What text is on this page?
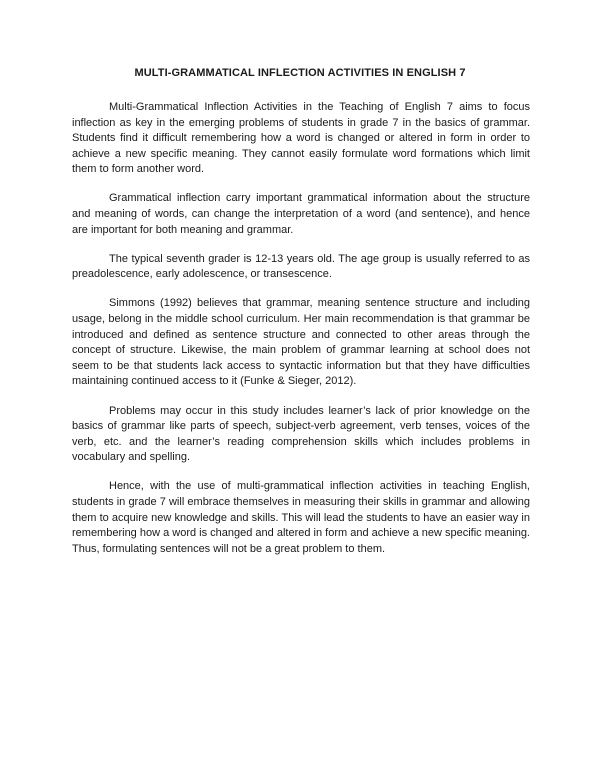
MULTI-GRAMMATICAL INFLECTION ACTIVITIES IN ENGLISH 7

Multi-Grammatical Inflection Activities in the Teaching of English 7 aims to focus inflection as key in the emerging problems of students in grade 7 in the basics of grammar. Students find it difficult remembering how a word is changed or altered in form in order to achieve a new specific meaning. They cannot easily formulate word formations which limit them to form another word.

Grammatical inflection carry important grammatical information about the structure and meaning of words, can change the interpretation of a word (and sentence), and hence are important for both meaning and grammar.

The typical seventh grader is 12-13 years old. The age group is usually referred to as preadolescence, early adolescence, or transescence.

Simmons (1992) believes that grammar, meaning sentence structure and including usage, belong in the middle school curriculum. Her main recommendation is that grammar be introduced and defined as sentence structure and connected to other areas through the concept of structure. Likewise, the main problem of grammar learning at school does not seem to be that students lack access to syntactic information but that they have difficulties maintaining continued access to it (Funke & Sieger, 2012).

Problems may occur in this study includes learner’s lack of prior knowledge on the basics of grammar like parts of speech, subject-verb agreement, verb tenses, voices of the verb, etc. and the learner’s reading comprehension skills which includes problems in vocabulary and spelling.

Hence, with the use of multi-grammatical inflection activities in teaching English, students in grade 7 will embrace themselves in measuring their skills in grammar and allowing them to acquire new knowledge and skills. This will lead the students to have an easier way in remembering how a word is changed and altered in form and achieve a new specific meaning. Thus, formulating sentences will not be a great problem to them.
